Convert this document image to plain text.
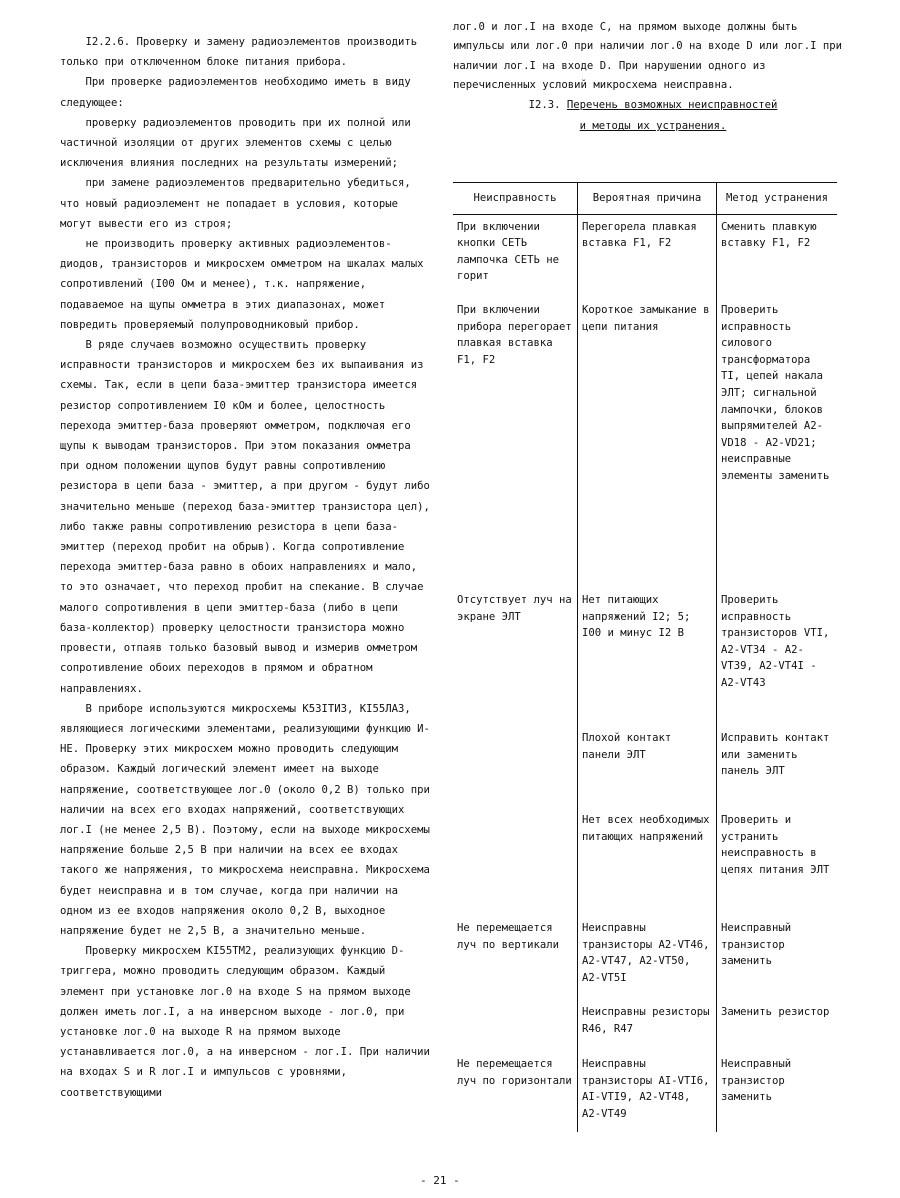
I2.2.6. Проверку и замену радиоэлементов производить только при отключенном блоке питания прибора.

При проверке радиоэлементов необходимо иметь в виду следующее:

проверку радиоэлементов проводить при их полной или частичной изоляции от других элементов схемы с целью исключения влияния последних на результаты измерений;

при замене радиоэлементов предварительно убедиться, что новый радиоэлемент не попадает в условия, которые могут вывести его из строя;

не производить проверку активных радиоэлементов-диодов, транзисторов и микросхем омметром на шкалах малых сопротивлений (I00 Ом и менее), т.к. напряжение, подаваемое на щупы омметра в этих диапазонах, может повредить проверяемый полупроводниковый прибор.

В ряде случаев возможно осуществить проверку исправности транзисторов и микросхем без их выпаивания из схемы. Так, если в цепи база-эмиттер транзистора имеется резистор сопротивлением I0 кОм и более, целостность перехода эмиттер-база проверяют омметром, подключая его щупы к выводам транзисторов. При этом показания омметра при одном положении щупов будут равны сопротивлению резистора в цепи база - эмиттер, а при другом - будут либо значительно меньше (переход база-эмиттер транзистора цел), либо также равны сопротивлению резистора в цепи база-эмиттер (переход пробит на обрыв). Когда сопротивление перехода эмиттер-база равно в обоих направлениях и мало, то это означает, что переход пробит на спекание. В случае малого сопротивления в цепи эмиттер-база (либо в цепи база-коллектор) проверку целостности транзистора можно провести, отпаяв только базовый вывод и измерив омметром сопротивление обоих переходов в прямом и обратном направлениях.

В приборе используются микросхемы К53IТИ3, КI55ЛА3, являющиеся логическими элементами, реализующими функцию И-НЕ. Проверку этих микросхем можно проводить следующим образом. Каждый логический элемент имеет на выходе напряжение, соответствующее лог.0 (около 0,2 В) только при наличии на всех его входах напряжений, соответствующих лог.I (не менее 2,5 В). Поэтому, если на выходе микросхемы напряжение больше 2,5 В при наличии на всех ее входах такого же напряжения, то микросхема неисправна. Микросхема будет неисправна и в том случае, когда при наличии на одном из ее входов напряжения около 0,2 В, выходное напряжение будет не 2,5 В, а значительно меньше.

Проверку микросхем КI55ТМ2, реализующих функцию D- триггера, можно проводить следующим образом. Каждый элемент при установке лог.0 на входе S на прямом выходе должен иметь лог.I, а на инверсном выходе - лог.0, при установке лог.0 на выходе R на прямом выходе устанавливается лог.0, а на инверсном - лог.I. При наличии на входах S и R лог.I и импульсов с уровнями, соответствующими

лог.0 и лог.I на входе C, на прямом выходе должны быть импульсы или лог.0 при наличии лог.0 на входе D или лог.I при наличии лог.I на входе D. При нарушении одного из перечисленных условий микросхема неисправна.

I2.3. Перечень возможных неисправностей
и методы их устранения.

Неисправность	Вероятная причина	Метод устранения
При включении кнопки СЕТЬ лампочка СЕТЬ не горит	Перегорела плавкая вставка F1, F2	Сменить плавкую вставку F1, F2
При включении прибора перегорает плавкая вставка F1, F2	Короткое замыкание в цепи питания	Проверить исправность силового трансформатора TI, цепей накала ЭЛТ; сигнальной лампочки, блоков выпрямителей A2-VD18 - A2-VD21; неисправные элементы заменить
Отсутствует луч на экране ЭЛТ	Нет питающих напряжений I2; 5; I00 и минус I2 В	Проверить исправность транзисторов VTI, A2-VT34 - A2-VT39, A2-VT4I - A2-VT43
	Плохой контакт панели ЭЛТ	Исправить контакт или заменить панель ЭЛТ
	Нет всех необходимых питающих напряжений	Проверить и устранить неисправность в цепях питания ЭЛТ
Не перемещается луч по вертикали	Неисправны транзисторы A2-VT46, A2-VT47, A2-VT50, A2-VT5I	Неисправный транзистор заменить
	Неисправны резисторы R46, R47	Заменить резистор
Не перемещается луч по горизонтали	Неисправны транзисторы AI-VTI6, AI-VTI9, A2-VT48, A2-VT49	Неисправный транзистор заменить
- 21 -
